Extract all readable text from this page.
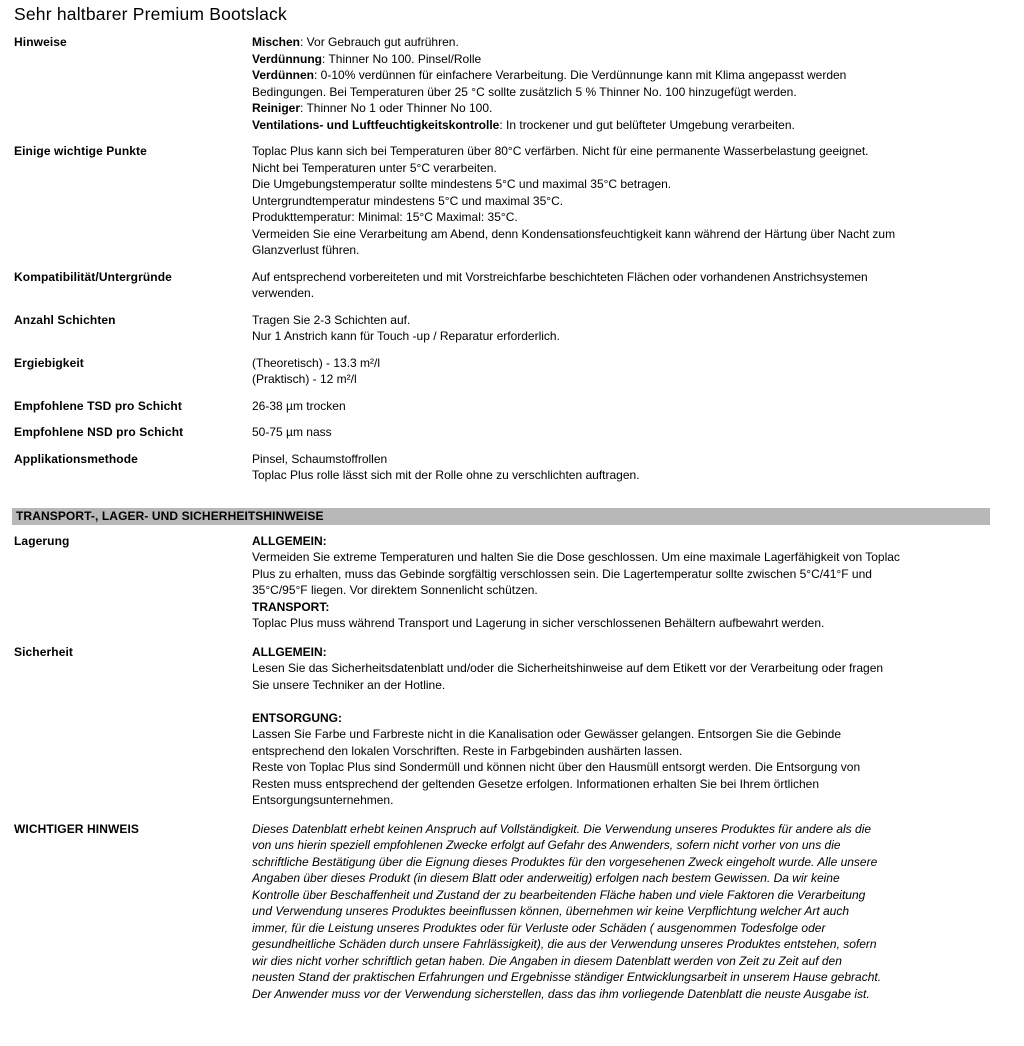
Sehr haltbarer Premium Bootslack
Hinweise	Mischen: Vor Gebrauch gut aufrühren.
Verdünnung: Thinner No 100. Pinsel/Rolle
Verdünnen: 0-10% verdünnen für einfachere Verarbeitung. Die Verdünnunge kann mit Klima angepasst werden
Bedingungen. Bei Temperaturen über 25 °C sollte zusätzlich 5 % Thinner No. 100 hinzugefügt werden.
Reiniger: Thinner No 1 oder Thinner No 100.
Ventilations- und Luftfeuchtigkeitskontrolle: In trockener und gut belüfteter Umgebung verarbeiten.
Einige wichtige Punkte	Toplac Plus kann sich bei Temperaturen über 80°C verfärben. Nicht für eine permanente Wasserbelastung geeignet.
Nicht bei Temperaturen unter 5°C verarbeiten.
Die Umgebungstemperatur sollte mindestens 5°C und maximal 35°C betragen.
Untergrundtemperatur mindestens 5°C und maximal 35°C.
Produkttemperatur: Minimal: 15°C Maximal: 35°C.
Vermeiden Sie eine Verarbeitung am Abend, denn Kondensationsfeuchtigkeit kann während der Härtung über Nacht zum
Glanzverlust führen.
Kompatibilität/Untergründe	Auf entsprechend vorbereiteten und mit Vorstreichfarbe beschichteten Flächen oder vorhandenen Anstrichsystemen
verwenden.
Anzahl Schichten	Tragen Sie 2-3 Schichten auf.
Nur 1 Anstrich kann für Touch -up / Reparatur erforderlich.
Ergiebigkeit	(Theoretisch) - 13.3 m²/l
(Praktisch) - 12 m²/l
Empfohlene TSD pro Schicht	26-38 µm trocken
Empfohlene NSD pro Schicht	50-75 µm nass
Applikationsmethode	Pinsel, Schaumstoffrollen
Toplac Plus rolle lässt sich mit der Rolle ohne zu verschlichten auftragen.
TRANSPORT-, LAGER- UND SICHERHEITSHINWEISE
Lagerung	ALLGEMEIN:
Vermeiden Sie extreme Temperaturen und halten Sie die Dose geschlossen. Um eine maximale Lagerfähigkeit von Toplac
Plus zu erhalten, muss das Gebinde sorgfältig verschlossen sein. Die Lagertemperatur sollte zwischen 5°C/41°F und
35°C/95°F liegen. Vor direktem Sonnenlicht schützen.
TRANSPORT:
Toplac Plus muss während Transport und Lagerung in sicher verschlossenen Behältern aufbewahrt werden.
Sicherheit	ALLGEMEIN:
Lesen Sie das Sicherheitsdatenblatt und/oder die Sicherheitshinweise auf dem Etikett vor der Verarbeitung oder fragen
Sie unsere Techniker an der Hotline.

ENTSORGUNG:
Lassen Sie Farbe und Farbreste nicht in die Kanalisation oder Gewässer gelangen. Entsorgen Sie die Gebinde
entsprechend den lokalen Vorschriften. Reste in Farbgebinden aushärten lassen.
Reste von Toplac Plus sind Sondermüll und können nicht über den Hausmüll entsorgt werden. Die Entsorgung von
Resten muss entsprechend der geltenden Gesetze erfolgen. Informationen erhalten Sie bei Ihrem örtlichen
Entsorgungsunternehmen.
WICHTIGER HINWEIS	Dieses Datenblatt erhebt keinen Anspruch auf Vollständigkeit. Die Verwendung unseres Produktes für andere als die
von uns hierin speziell empfohlenen Zwecke erfolgt auf Gefahr des Anwenders, sofern nicht vorher von uns die
schriftliche Bestätigung über die Eignung dieses Produktes für den vorgesehenen Zweck eingeholt wurde. Alle unsere
Angaben über dieses Produkt (in diesem Blatt oder anderweitig) erfolgen nach bestem Gewissen. Da wir keine
Kontrolle über Beschaffenheit und Zustand der zu bearbeitenden Fläche haben und viele Faktoren die Verarbeitung
und Verwendung unseres Produktes beeinflussen können, übernehmen wir keine Verpflichtung welcher Art auch
immer, für die Leistung unseres Produktes oder für Verluste oder Schäden ( ausgenommen Todesfolge oder
gesundheitliche Schäden durch unsere Fahrlässigkeit), die aus der Verwendung unseres Produktes entstehen, sofern
wir dies nicht vorher schriftlich getan haben. Die Angaben in diesem Datenblatt werden von Zeit zu Zeit auf den
neusten Stand der praktischen Erfahrungen und Ergebnisse ständiger Entwicklungsarbeit in unserem Hause gebracht.
Der Anwender muss vor der Verwendung sicherstellen, dass das ihm vorliegende Datenblatt die neuste Ausgabe ist.
